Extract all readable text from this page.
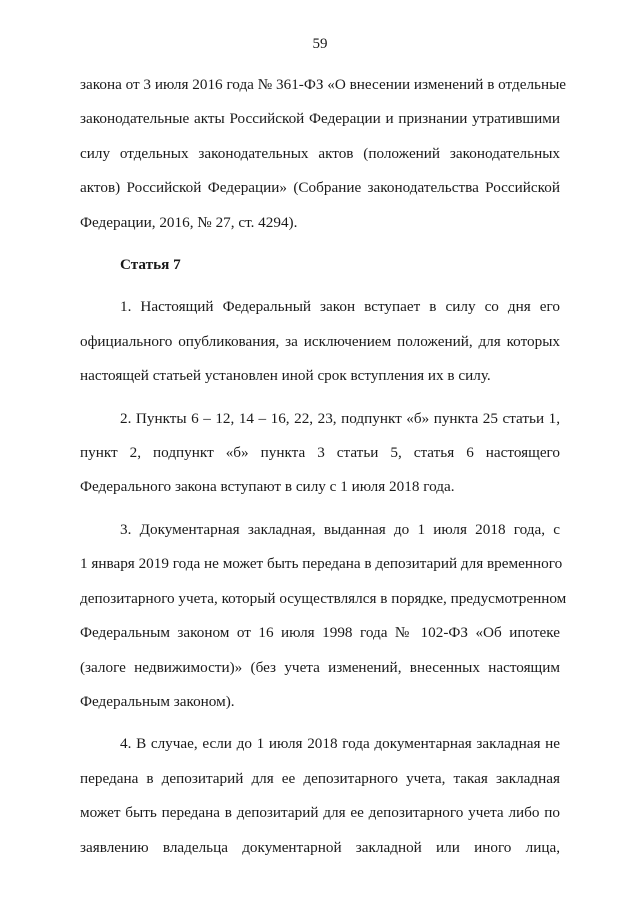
59

закона от 3 июля 2016 года № 361-ФЗ «О внесении изменений в отдельные
законодательные акты Российской Федерации и признании утратившими
силу отдельных законодательных актов (положений законодательных
актов) Российской Федерации» (Собрание законодательства Российской
Федерации, 2016, № 27, ст. 4294).

Статья 7

1. Настоящий Федеральный закон вступает в силу со дня его
официального опубликования, за исключением положений, для которых
настоящей статьей установлен иной срок вступления их в силу.

2. Пункты 6 – 12, 14 – 16, 22, 23, подпункт «б» пункта 25 статьи 1,
пункт 2, подпункт «б» пункта 3 статьи 5, статья 6 настоящего
Федерального закона вступают в силу с 1 июля 2018 года.

3. Документарная закладная, выданная до 1 июля 2018 года, с
1 января 2019 года не может быть передана в депозитарий для временного
депозитарного учета, который осуществлялся в порядке, предусмотренном
Федеральным законом от 16 июля 1998 года № 102-ФЗ «Об ипотеке
(залоге недвижимости)» (без учета изменений, внесенных настоящим
Федеральным законом).

4. В случае, если до 1 июля 2018 года документарная закладная не
передана в депозитарий для ее депозитарного учета, такая закладная
может быть передана в депозитарий для ее депозитарного учета либо по
заявлению владельца документарной закладной или иного лица,
